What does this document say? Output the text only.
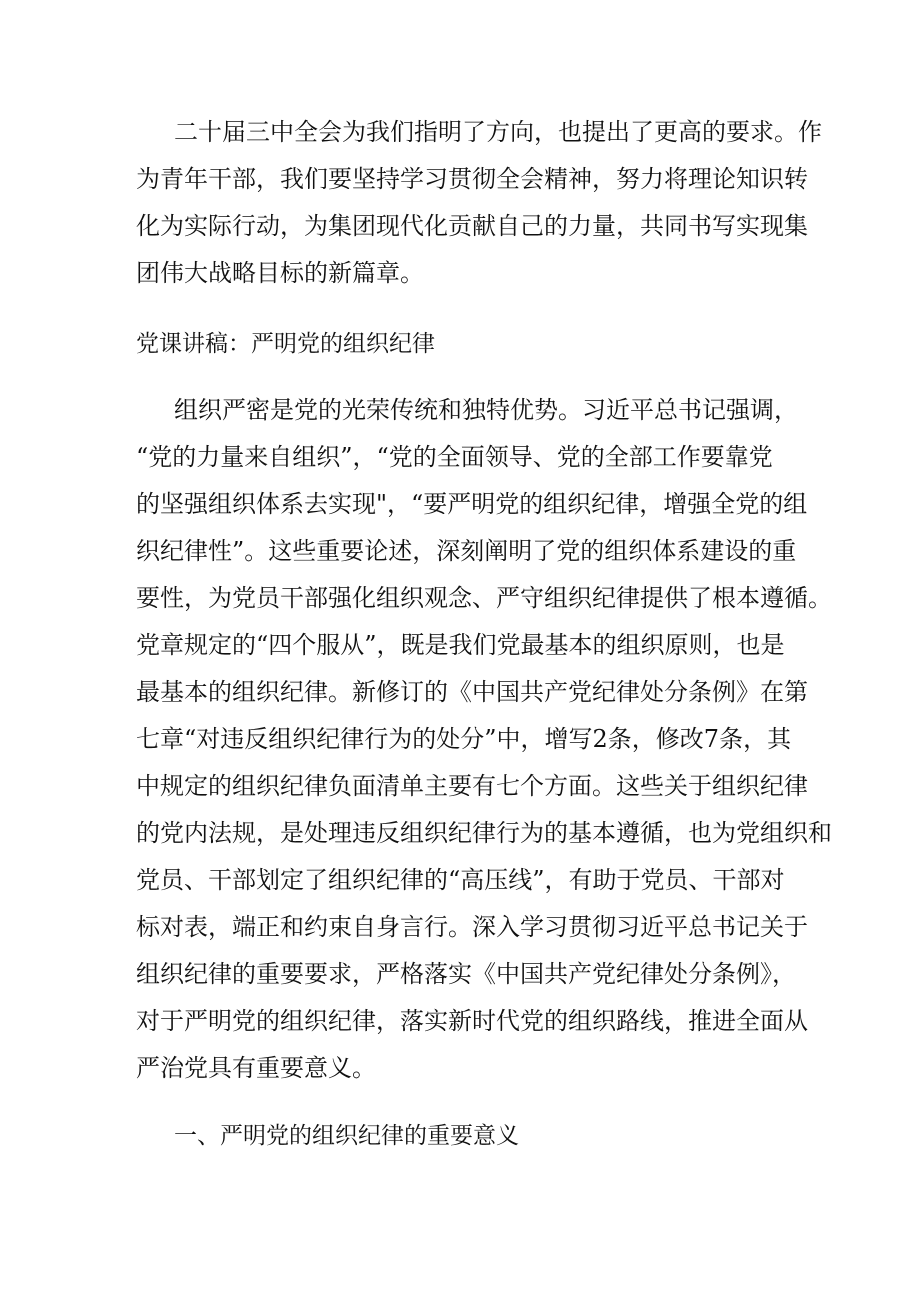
二十届三中全会为我们指明了方向，也提出了更高的要求。作

为青年干部，我们要坚持学习贯彻全会精神，努力将理论知识转

化为实际行动，为集团现代化贡献自己的力量，共同书写实现集

团伟大战略目标的新篇章。

党课讲稿：严明党的组织纪律

组织严密是党的光荣传统和独特优势。习近平总书记强调，

“党的力量来自组织”，“党的全面领导、党的全部工作要靠党

的坚强组织体系去实现"，“要严明党的组织纪律，增强全党的组

织纪律性”。这些重要论述，深刻阐明了党的组织体系建设的重

要性，为党员干部强化组织观念、严守组织纪律提供了根本遵循。

党章规定的“四个服从”，既是我们党最基本的组织原则，也是

最基本的组织纪律。新修订的《中国共产党纪律处分条例》在第

七章“对违反组织纪律行为的处分”中，增写2条，修改7条，其

中规定的组织纪律负面清单主要有七个方面。这些关于组织纪律

的党内法规，是处理违反组织纪律行为的基本遵循，也为党组织和

党员、干部划定了组织纪律的“高压线”，有助于党员、干部对

标对表，端正和约束自身言行。深入学习贯彻习近平总书记关于

组织纪律的重要要求，严格落实《中国共产党纪律处分条例》，

对于严明党的组织纪律，落实新时代党的组织路线，推进全面从

严治党具有重要意义。

一、严明党的组织纪律的重要意义
